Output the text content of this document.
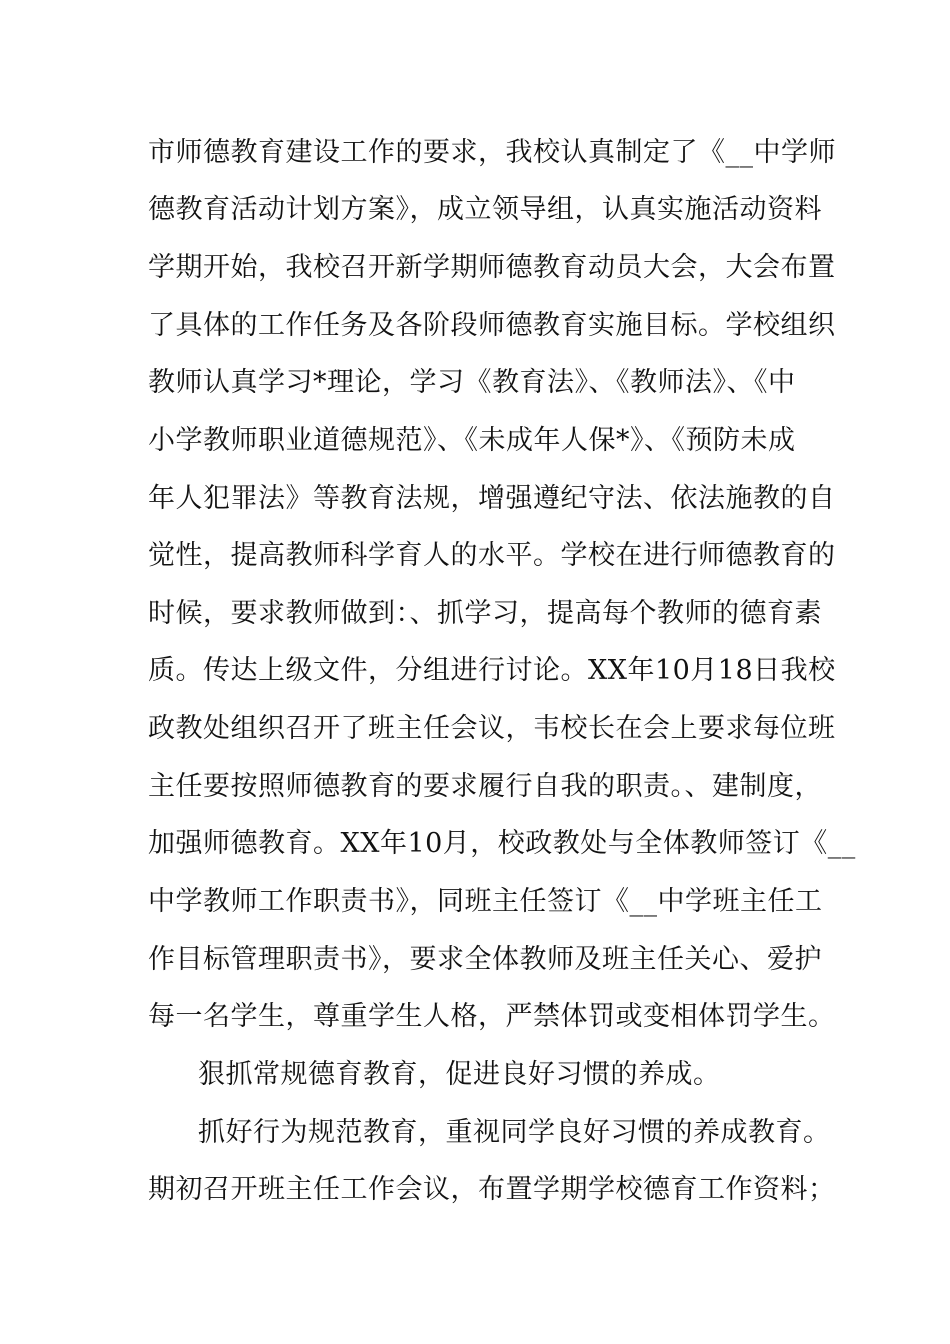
市师德教育建设工作的要求，我校认真制定了《__中学师
德教育活动计划方案》，成立领导组，认真实施活动资料
学期开始，我校召开新学期师德教育动员大会，大会布置
了具体的工作任务及各阶段师德教育实施目标。学校组织
教师认真学习*理论，学习《教育法》、《教师法》、《中
小学教师职业道德规范》、《未成年人保*》、《预防未成
年人犯罪法》等教育法规，增强遵纪守法、依法施教的自
觉性，提高教师科学育人的水平。学校在进行师德教育的
时候，要求教师做到：、抓学习，提高每个教师的德育素
质。传达上级文件，分组进行讨论。XX年10月18日我校
政教处组织召开了班主任会议，韦校长在会上要求每位班
主任要按照师德教育的要求履行自我的职责。、建制度，
加强师德教育。XX年10月，校政教处与全体教师签订《__
中学教师工作职责书》，同班主任签订《__中学班主任工
作目标管理职责书》，要求全体教师及班主任关心、爱护
每一名学生，尊重学生人格，严禁体罚或变相体罚学生。
狠抓常规德育教育，促进良好习惯的养成。
抓好行为规范教育，重视同学良好习惯的养成教育。
期初召开班主任工作会议，布置学期学校德育工作资料；
